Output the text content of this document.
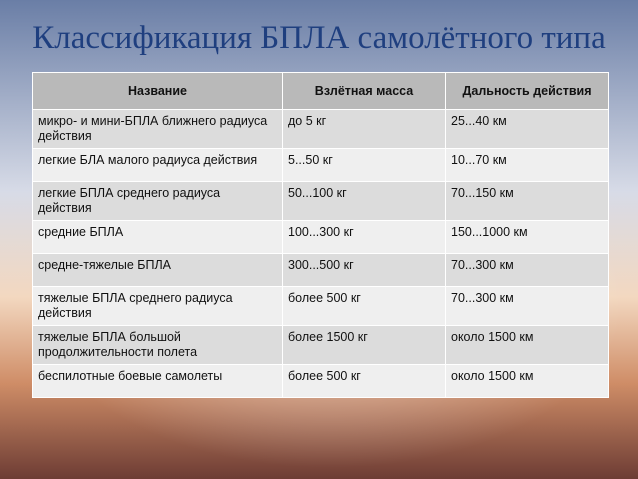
Классификация БПЛА самолётного типа
Название	Взлётная масса	Дальность действия
микро- и мини-БПЛА ближнего радиуса действия	до 5 кг	25...40 км
легкие БЛА малого радиуса действия	5...50 кг	10...70 км
легкие БПЛА среднего радиуса действия	50...100 кг	70...150 км
средние БПЛА	100...300 кг	150...1000 км
средне-тяжелые БПЛА	300...500 кг	70...300 км
тяжелые БПЛА среднего радиуса действия	более 500 кг	70...300 км
тяжелые БПЛА большой продолжительности полета	более 1500 кг	около 1500 км
беспилотные боевые самолеты	более 500 кг	около 1500 км
